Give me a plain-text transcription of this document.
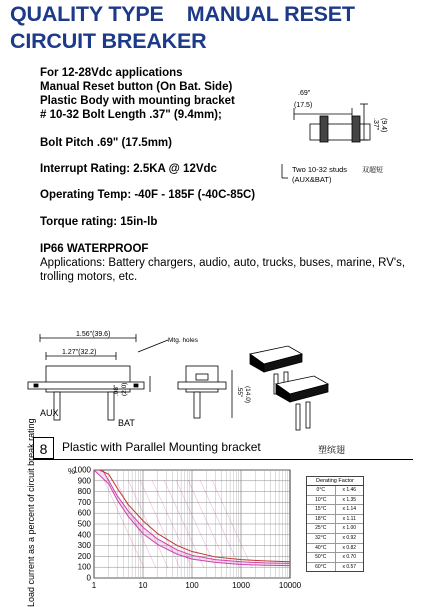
QUALITY TYPE    MANUAL RESET
CIRCUIT BREAKER
For 12-28Vdc applications
Manual Reset button (On Bat. Side)
Plastic Body with mounting bracket
# 10-32 Bolt Length .37" (9.4mm);
Bolt Pitch .69" (17.5mm)
Interrupt Rating: 2.5KA @ 12Vdc
Operating Temp: -40F - 185F (-40C-85C)
Torque rating: 15in-lb
IP66 WATERPROOF
Applications: Battery chargers, audio, auto, trucks, buses, marine, RV's,
trolling motors, etc.
.69"
(17.5)
.37" (9.4)
Two 10-32 studs 双超短
(AUX&BAT)
1.56"(39.6)
1.27"(32.2)
Mtg. holes
.08" (2.0)	.55" (14.0)
AUX
BAT
8	Plastic with Parallel Mounting bracket	塑缤翅
Load current as a percent of circuit break rating	0
100
200
300
400
500
600
700
800
900
1000
%
1	10	100	1000	10000
Derating Factor
0°C	x 1.46
10°C	x 1.35
15°C	x 1.14
18°C	x 1.11
25°C	x 1.00
32°C	x 0.92
40°C	x 0.82
50°C	x 0.70
60°C	x 0.57
